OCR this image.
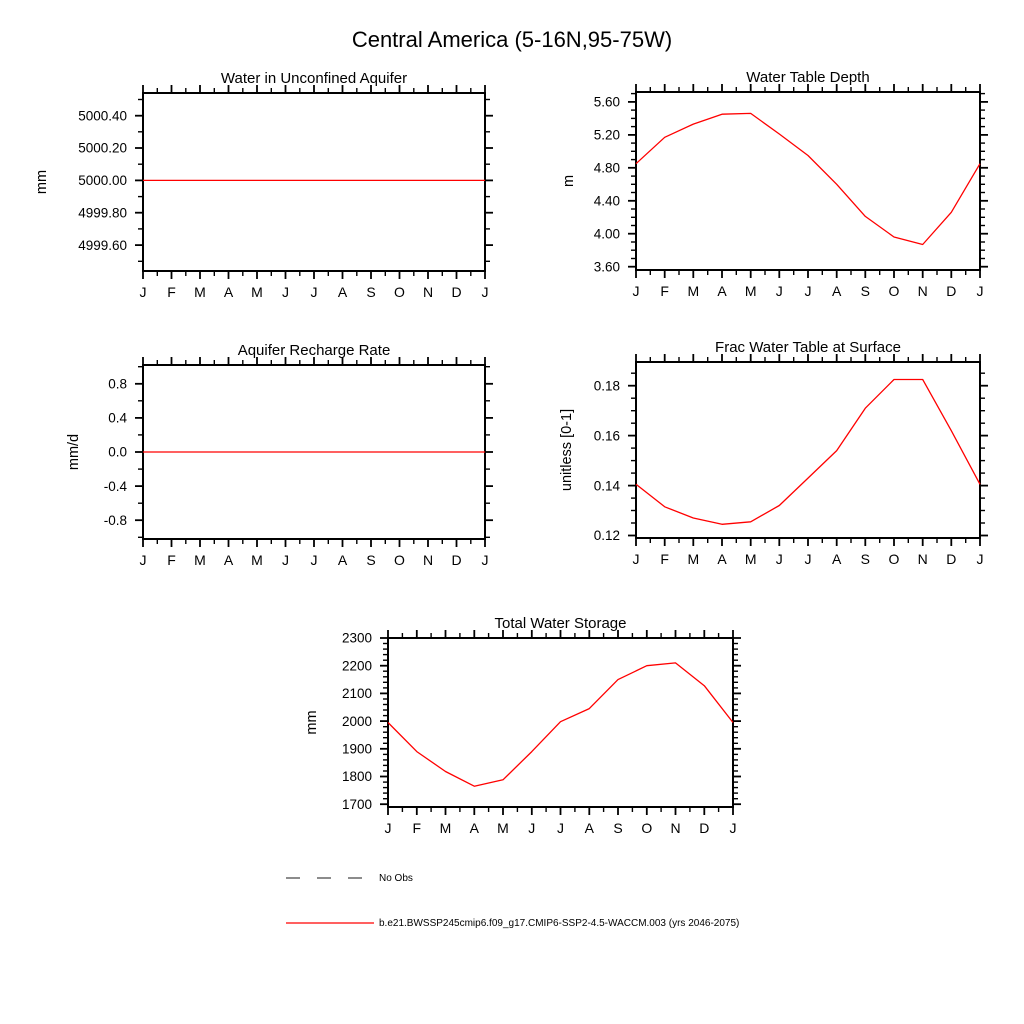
Central America (5-16N,95-75W)
5000.40
5000.20
5000.00
4999.80
4999.60
J F M A M J J A S O N D J
Water in Unconfined Aquifer
mm
5.60
5.20
4.80
4.40
4.00
3.60
J F M A M J J A S O N D J
Water Table Depth
m
0.8
0.4
0.0
-0.4
-0.8
J F M A M J J A S O N D J
Aquifer Recharge Rate
mm/d
0.18
0.16
0.14
0.12
J F M A M J J A S O N D J
Frac Water Table at Surface
unitless [0-1]
2300
2200
2100
2000
1900
1800
1700
J F M A M J J A S O N D J
Total Water Storage
mm
No Obs
b.e21.BWSSP245cmip6.f09_g17.CMIP6-SSP2-4.5-WACCM.003 (yrs 2046-2075)
